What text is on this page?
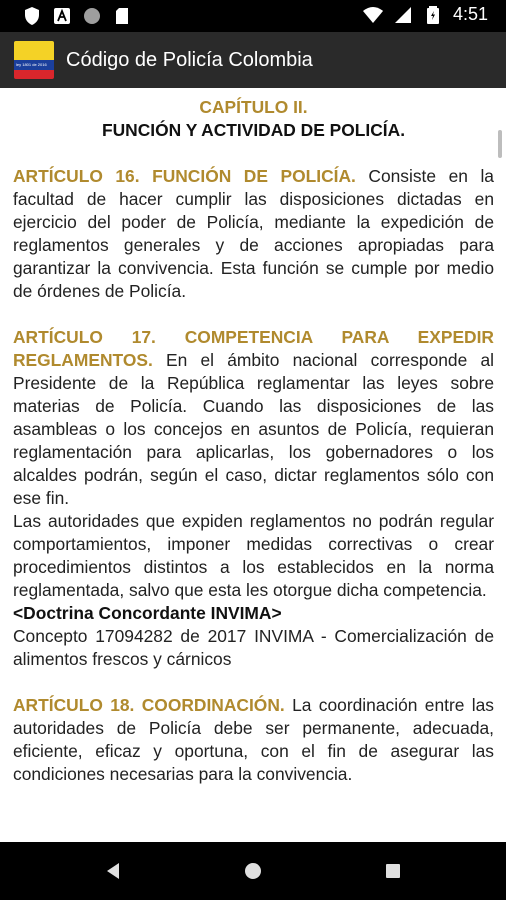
4:51
ley 1801 de 2016 Código de Policía Colombia
CAPÍTULO II.
FUNCIÓN Y ACTIVIDAD DE POLICÍA.

ARTÍCULO 16. FUNCIÓN DE POLICÍA. Consiste en la facultad de hacer cumplir las disposiciones dictadas en ejercicio del poder de Policía, mediante la expedición de reglamentos generales y de acciones apropiadas para garantizar la convivencia. Esta función se cumple por medio de órdenes de Policía.

ARTÍCULO 17. COMPETENCIA PARA EXPEDIR REGLAMENTOS. En el ámbito nacional corresponde al Presidente de la República reglamentar las leyes sobre materias de Policía. Cuando las disposiciones de las asambleas o los concejos en asuntos de Policía, requieran reglamentación para aplicarlas, los gobernadores o los alcaldes podrán, según el caso, dictar reglamentos sólo con ese fin.

Las autoridades que expiden reglamentos no podrán regular comportamientos, imponer medidas correctivas o crear procedimientos distintos a los establecidos en la norma reglamentada, salvo que esta les otorgue dicha competencia.

<Doctrina Concordante INVIMA>

Concepto 17094282 de 2017 INVIMA - Comercialización de alimentos frescos y cárnicos

ARTÍCULO 18. COORDINACIÓN. La coordinación entre las autoridades de Policía debe ser permanente, adecuada, eficiente, eficaz y oportuna, con el fin de asegurar las condiciones necesarias para la convivencia.
